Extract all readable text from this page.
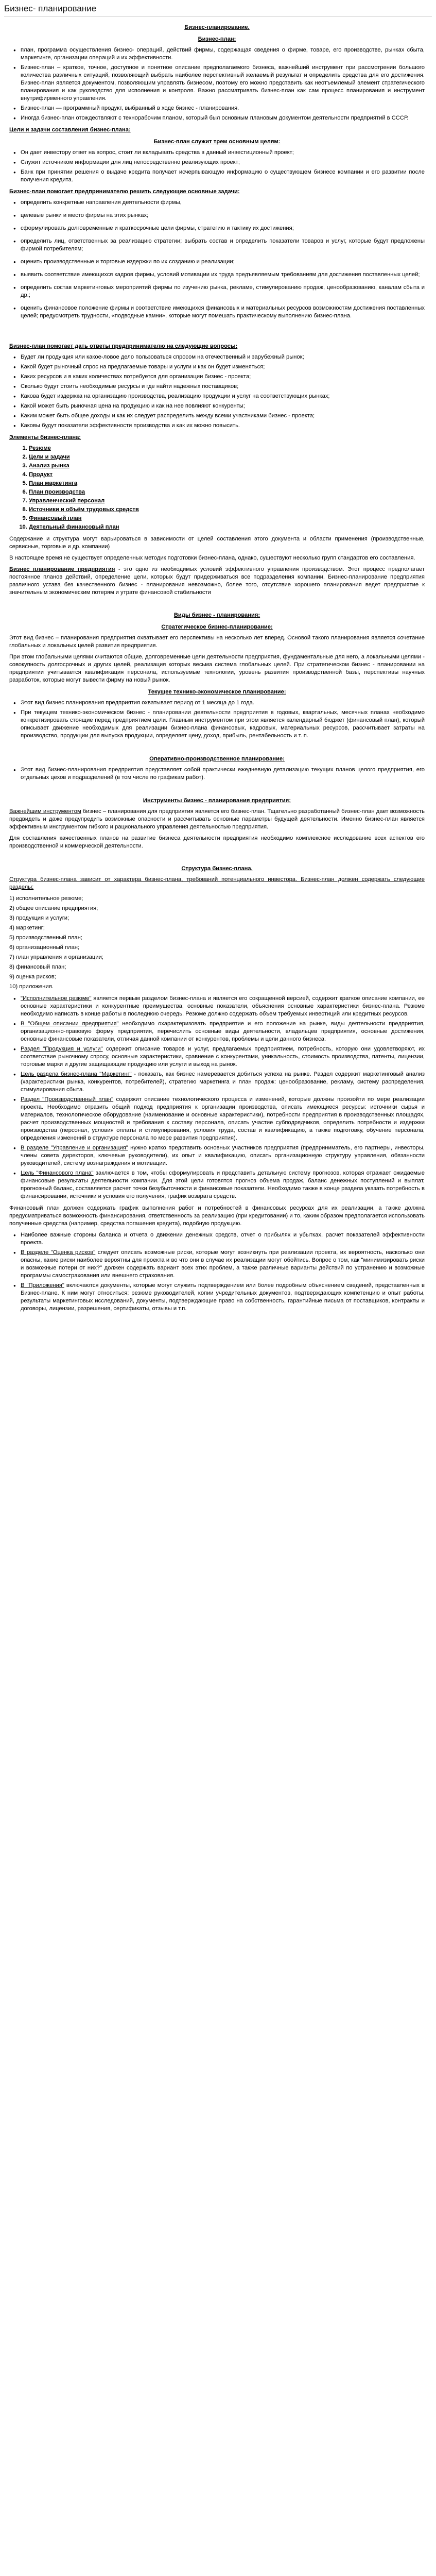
Бизнес- планирование

Бизнес-планирование.

Бизнес-план:

● план, программа осуществления бизнес- операций, действий фирмы, содержащая сведения о фирме, товаре, его производстве, рынках сбыта, маркетинге, организации операций и их эффективности.
● Бизнес-план – краткое, точное, доступное и понятное описание предполагаемого бизнеса, важнейший инструмент при рассмотрении большого количества различных ситуаций, позволяющий выбрать наиболее перспективный желаемый результат и определить средства для его достижения. Бизнес-план является документом, позволяющим управлять бизнесом, поэтому его можно представить как неотъемлемый элемент стратегического планирования и как руководство для исполнения и контроля. Важно рассматривать бизнес-план как сам процесс планирования и инструмент внутрифирменного управления.
● Бизнес-план — программный продукт, выбранный в ходе бизнес - планирования.
● Иногда бизнес-план отождествляют с технорабочим планом, который был основным плановым документом деятельности предприятий в СССР.

Цели и задачи составления бизнес-плана:

Бизнес-план служит трем основным целям:

● Он дает инвестору ответ на вопрос, стоит ли вкладывать средства в данный инвестиционный проект;
● Служит источником информации для лиц непосредственно реализующих проект;
● Банк при принятии решения о выдаче кредита получает исчерпывающую информацию о существующем бизнесе компании и его развитии после получения кредита.

Бизнес-план помогает предпринимателю решить следующие основные задачи:

● определить конкретные направления деятельности фирмы,
● целевые рынки и место фирмы на этих рынках;
● сформулировать долговременные и краткосрочные цели фирмы, стратегию и тактику их достижения;
● определить лиц, ответственных за реализацию стратегии; выбрать состав и определить показатели товаров и услуг, которые будут предложены фирмой потребителям;
● оценить производственные и торговые издержки по их созданию и реализации;
● выявить соответствие имеющихся кадров фирмы, условий мотивации их труда предъявляемым требованиям для достижения поставленных целей;
● определить состав маркетинговых мероприятий фирмы по изучению рынка, рекламе, стимулированию продаж, ценообразованию, каналам сбыта и др.;
● оценить финансовое положение фирмы и соответствие имеющихся финансовых и материальных ресурсов возможностям достижения поставленных целей; предусмотреть трудности, «подводные камни», которые могут помешать практическому выполнению бизнес-плана.

Бизнес-план помогает дать ответы предпринимателю на следующие вопросы:

● Будет ли продукция или какое-ловое дело пользоваться спросом на отечественный и зарубежный рынок;
● Какой будет рыночный спрос на предлагаемые товары и услуги и как он будет изменяться;
● Каких ресурсов и в каких количествах потребуется для организации бизнес - проекта;
● Сколько будут стоить необходимые ресурсы и где найти надежных поставщиков;
● Какова будет издержка на организацию производства, реализацию продукции и услуг на соответствующих рынках;
● Какой может быть рыночная цена на продукцию и как на нее повлияют конкуренты;
● Каким может быть общее доходы и как их следует распределить между всеми участниками бизнес - проекта;
● Каковы будут показатели эффективности производства и как их можно повысить.

Элементы бизнес-плана:

1. Резюме
2. Цели и задачи
3. Анализ рынка
4. Продукт
5. План маркетинга
6. План производства
7. Управленческий персонал
8. Источники и объём трудовых средств
9. Финансовый план
10. Деятельный финансовый план

Содержание и структура могут варьироваться в зависимости от целей составления этого документа и области применения (производственные, сервисные, торговые и др. компании)

В настоящее время не существует определенных методик подготовки бизнес-плана, однако, существуют несколько групп стандартов его составления.

Бизнес планирование предприятия - это одно из необходимых условий эффективного управления производством. Этот процесс предполагает постоянное планов действий, определение цели, которых будут придерживаться все подразделения компании. Бизнес-планирование предприятия различного устава без качественного бизнес - планирования невозможно, более того, отсутствие хорошего планирования ведет предприятие к значительным экономическим потерям и утрате финансовой стабильности

Виды бизнес - планирования:

Стратегическое бизнес-планирование:

Этот вид бизнес – планирования предприятия охватывает его перспективы на несколько лет вперед. Основой такого планирования является сочетание глобальных и локальных целей развития предприятия.

При этом глобальными целями считаются общие, долговременные цели деятельности предприятия, фундаментальные для него, а локальными целями - совокупность долгосрочных и других целей, реализация которых весьма система глобальных целей. При стратегическом бизнес - планировании на предприятии учитывается квалификация персонала, используемые технологии, уровень развития производственной базы, перспективы научных разработок, которые могут вывести фирму на новый рынок.

Текущее технико-экономическое планирование:

● Этот вид бизнес планирования предприятия охватывает период от 1 месяца до 1 года.
● При текущем технико-экономическом бизнес - планировании деятельности предприятия в годовых, квартальных, месячных планах необходимо конкретизировать стоящие перед предприятием цели. Главным инструментом при этом является календарный бюджет (финансовый план), который описывает движение необходимых для реализации бизнес-плана финансовых, кадровых, материальных ресурсов, рассчитывает затраты на производство, продукции для выпуска продукции, определяет цену, доход, прибыль, рентабельность и т. п.

Оперативно-производственное планирование:

● Этот вид бизнес-планирования предприятия представляет собой практически ежедневную детализацию текущих планов целого предприятия, его отдельных цехов и подразделений (в том числе по графикам работ).

Инструменты бизнес - планирования предприятия:

Важнейшим инструментом бизнес – планирования для предприятия является его бизнес-план. Тщательно разработанный бизнес-план дает возможность предвидеть и даже предупредить возможные опасности и рассчитывать основные параметры будущей деятельности. Именно бизнес-план является эффективным инструментом гибкого и рационального управления деятельностью предприятия.

Для составления качественных планов на развитие бизнеса деятельности предприятия необходимо комплексное исследование всех аспектов его производственной и коммерческой деятельности.

Структура бизнес-плана.

Структура бизнес-плана зависит от характера бизнес-плана, требований потенциального инвестора. Бизнес-план должен содержать следующие разделы:

1) исполнительное резюме;
2) общее описание предприятия;
3) продукция и услуги;
4) маркетинг;
5) производственный план;
6) организационный план;
7) план управления и организации;
8) финансовый план;
9) оценка рисков;
10) приложения.
● "Исполнительное резюме" является первым разделом бизнес-плана и является его сокращенной версией, содержит краткое описание компании, ее основные характеристики и конкурентные преимущества, основные показатели, объяснения основные характеристики бизнес-плана. Резюме необходимо написать в конце работы в последнюю очередь. Резюме должно содержать объем требуемых инвестиций или кредитных ресурсов.
● В "Общем описании предприятия" необходимо охарактеризовать предприятие и его положение на рынке, виды деятельности предприятия, организационно-правовую форму предприятия, перечислить основные виды деятельности, владельцев предприятия, основные достижения, основные финансовые показатели, отличая данной компании от конкурентов, проблемы и цели данного бизнеса.
● Раздел "Продукция и услуги" содержит описание товаров и услуг, предлагаемых предприятием, потребность, которую они удовлетворяют, их соответствие рыночному спросу, основные характеристики, сравнение с конкурентами, уникальность, стоимость производства, патенты, лицензии, торговые марки и другие защищающие продукцию или услуги и выход на рынок.
● Цель раздела бизнес-плана "Маркетинг" - показать, как бизнес намеревается добиться успеха на рынке. Раздел содержит маркетинговый анализ (характеристики рынка, конкурентов, потребителей), стратегию маркетинга и план продаж: ценообразование, рекламу, систему распределения, стимулирования сбыта.
● Раздел "Производственный план" содержит описание технологического процесса и изменений, которые должны произойти по мере реализации проекта. Необходимо отразить общий подход предприятия к организации производства, описать имеющиеся ресурсы: источники сырья и материалов, технологическое оборудование (наименование и основные характеристики), потребности предприятия в производственных площадях, расчет производственных мощностей и требования к составу персонала, описать участие субподрядчиков, определить потребности и издержки производства (персонал, условия оплаты и стимулирования, условия труда, состав и квалификацию, а также подготовку, обучение персонала, определения изменений в структуре персонала по мере развития предприятия).
● В разделе "Управление и организация" нужно кратко представить основных участников предприятия (предприниматель, его партнеры, инвесторы, члены совета директоров, ключевые руководители), их опыт и квалификацию, описать организационную структуру управления, обязанности руководителей, систему вознаграждения и мотивации.
● Цель "Финансового плана" заключается в том, чтобы сформулировать и представить детальную систему прогнозов, которая отражает ожидаемые финансовые результаты деятельности компании. Для этой цели готовятся прогноз объема продаж, баланс денежных поступлений и выплат, прогнозный баланс, составляется расчет точки безубыточности и финансовые показатели. Необходимо также в конце раздела указать потребность в финансировании, источники и условия его получения, график возврата средств.

Финансовый план должен содержать график выполнения работ и потребностей в финансовых ресурсах для их реализации, а также должна предусматриваться возможность финансирования, ответственность за реализацию (при кредитовании) и то, каким образом предполагается использовать полученные средства (например, средства погашения кредита), подобную продукцию.

● Наиболее важные стороны баланса и отчета о движении денежных средств, отчет о прибылях и убытках, расчет показателей эффективности проекта.
● В разделе "Оценка рисков" следует описать возможные риски, которые могут возникнуть при реализации проекта, их вероятность, насколько они опасны, какие риски наиболее вероятны для проекта и во что они в случае их реализации могут обойтись. Вопрос о том, как "минимизировать риски и возможные потери от них?" должен содержать вариант всех этих проблем, а также различные варианты действий по устранению и возможные программы самострахования или внешнего страхования.
● В "Приложения" включаются документы, которые могут служить подтверждением или более подробным объяснением сведений, представленных в Бизнес-плане. К ним могут относиться: резюме руководителей, копии учредительных документов, подтверждающих компетенцию и опыт работы, результаты маркетинговых исследований, документы, подтверждающие право на собственность, гарантийные письма от поставщиков, контракты и договоры, лицензии, разрешения, сертификаты, отзывы и т.п.
